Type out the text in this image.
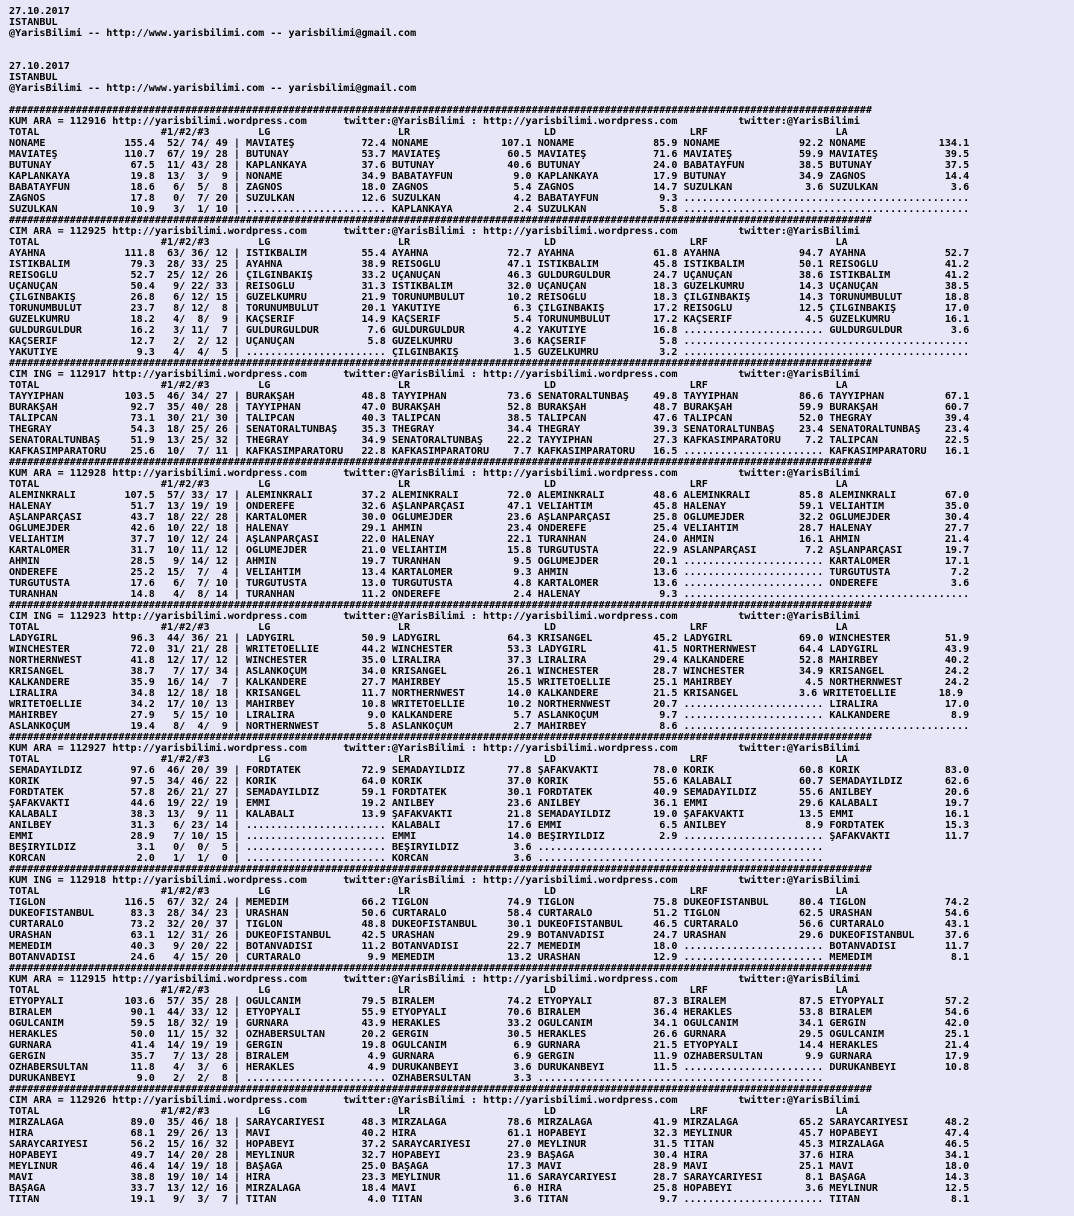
27.10.2017
ISTANBUL
@YarisBilimi -- http://www.yarisbilimi.com -- yarisbilimi@gmail.com
27.10.2017
ISTANBUL
@YarisBilimi -- http://www.yarisbilimi.com -- yarisbilimi@gmail.com
##############################################################################################################################################
KUM ARA = 112916 http://yarisbilimi.wordpress.com      twitter:@YarisBilimi : http://yarisbilimi.wordpress.com          twitter:@YarisBilimi
TOTAL                    #1/#2/#3        LG                     LR                      LD                      LRF                     LA
NONAME             155.4  52/ 74/ 49 | MAVİATEŞ           72.4 NONAME            107.1 NONAME             85.9 NONAME             92.2 NONAME            134.1
MAVİATEŞ           110.7  67/ 19/ 28 | BUTUNAY            53.7 MAVİATEŞ           60.5 MAVİATEŞ           71.6 MAVİATEŞ           59.9 MAVİATEŞ           39.5
BUTUNAY             67.5  11/ 43/ 28 | KAPLANKAYA         37.6 BUTUNAY            40.6 BUTUNAY            24.0 BABATAYFUN         38.5 BUTUNAY            37.5
KAPLANKAYA          19.8  13/  3/  9 | NONAME             34.9 BABATAYFUN          9.0 KAPLANKAYA         17.9 BUTUNAY            34.9 ZAGNOS             14.4
BABATAYFUN          18.6   6/  5/  8 | ZAGNOS             18.0 ZAGNOS              5.4 ZAGNOS             14.7 SUZULKAN            3.6 SUZULKAN            3.6
ZAGNOS              17.8   0/  7/ 20 | SUZULKAN           12.6 SUZULKAN            4.2 BABATAYFUN          9.3 ...............................................
SUZULKAN            10.9   3/  1/ 10 | ....................... KAPLANKAYA          2.4 SUZULKAN            5.8 ...............................................
##############################################################################################################################################
CIM ARA = 112925 http://yarisbilimi.wordpress.com      twitter:@YarisBilimi : http://yarisbilimi.wordpress.com          twitter:@YarisBilimi
TOTAL                    #1/#2/#3        LG                     LR                      LD                      LRF                     LA
AYAHNA             111.8  63/ 36/ 12 | İSTİKBALİM         55.4 AYAHNA             72.7 AYAHNA             61.8 AYAHNA             94.7 AYAHNA             52.7
İSTİKBALİM          79.3  28/ 33/ 25 | AYAHNA             38.9 REİSOGLU           47.1 İSTİKBALİM         45.8 İSTİKBALİM         50.1 REİSOGLU           41.2
REİSOGLU            52.7  25/ 12/ 26 | ÇILGINBAKIŞ        33.2 UÇANUÇAN           46.3 GULDURGULDUR       24.7 UÇANUÇAN           38.6 İSTİKBALİM         41.2
UÇANUÇAN            50.4   9/ 22/ 33 | REİSOGLU           31.3 İSTİKBALİM         32.0 UÇANUÇAN           18.3 GUZELKUMRU         14.3 UÇANUÇAN           38.5
ÇILGINBAKIŞ         26.8   6/ 12/ 15 | GUZELKUMRU         21.9 TORUNUMBULUT       10.2 REİSOGLU           18.3 ÇILGINBAKIŞ        14.3 TORUNUMBULUT       18.8
TORUNUMBULUT        23.7   8/ 12/  8 | TORUNUMBULUT       20.1 YAKUTİYE            6.3 ÇILGINBAKIŞ        17.2 REİSOGLU           12.5 ÇILGINBAKIŞ        17.0
GUZELKUMRU          18.2   4/  8/  9 | KAÇSERİF           14.9 KAÇSERİF            5.4 TORUNUMBULUT       17.2 KAÇSERİF            4.5 GUZELKUMRU         16.1
GULDURGULDUR        16.2   3/ 11/  7 | GULDURGULDUR        7.6 GULDURGULDUR        4.2 YAKUTİYE           16.8 ....................... GULDURGULDUR        3.6
KAÇSERİF            12.7   2/  2/ 12 | UÇANUÇAN            5.8 GUZELKUMRU          3.6 KAÇSERİF            5.8 ...............................................
YAKUTİYE             9.3   4/  4/  5 | ....................... ÇILGINBAKIŞ         1.5 GUZELKUMRU          3.2 ...............................................
##############################################################################################################################################
CIM ING = 112917 http://yarisbilimi.wordpress.com      twitter:@YarisBilimi : http://yarisbilimi.wordpress.com          twitter:@YarisBilimi
TOTAL                    #1/#2/#3        LG                     LR                      LD                      LRF                     LA
TAYYİPHAN          103.5  46/ 34/ 27 | BURAKŞAH           48.8 TAYYİPHAN          73.6 SENATORALTUNBAŞ    49.8 TAYYİPHAN          86.6 TAYYİPHAN          67.1
BURAKŞAH            92.7  35/ 40/ 28 | TAYYİPHAN          47.0 BURAKŞAH           52.8 BURAKŞAH           48.7 BURAKŞAH           59.9 BURAKŞAH           60.7
TALİPCAN            73.1  30/ 21/ 30 | TALİPCAN           40.3 TALİPCAN           38.5 TALİPCAN           47.6 TALİPCAN           52.0 THEGRAY            39.4
THEGRAY             54.3  18/ 25/ 26 | SENATORALTUNBAŞ    35.3 THEGRAY            34.4 THEGRAY            39.3 SENATORALTUNBAŞ    23.4 SENATORALTUNBAŞ    23.4
SENATORALTUNBAŞ     51.9  13/ 25/ 32 | THEGRAY            34.9 SENATORALTUNBAŞ    22.2 TAYYİPHAN          27.3 KAFKASİMPARATORU    7.2 TALİPCAN           22.5
KAFKASİMPARATORU    25.6  10/  7/ 11 | KAFKASİMPARATORU   22.8 KAFKASİMPARATORU    7.7 KAFKASİMPARATORU   16.5 ....................... KAFKASİMPARATORU   16.1
##############################################################################################################################################
KUM ARA = 112928 http://yarisbilimi.wordpress.com      twitter:@YarisBilimi : http://yarisbilimi.wordpress.com          twitter:@YarisBilimi
TOTAL                    #1/#2/#3        LG                     LR                      LD                      LRF                     LA
ALEMİNKRALI        107.5  57/ 33/ 17 | ALEMİNKRALI        37.2 ALEMİNKRALI        72.0 ALEMİNKRALI        48.6 ALEMİNKRALI        85.8 ALEMİNKRALI        67.0
HALENAY             51.7  13/ 19/ 19 | ONDEREFE           32.6 AŞLANPARÇASI       47.1 VELİAHTIM          45.8 HALENAY            59.1 VELİAHTIM          35.0
AŞLANPARÇASI        43.7  18/ 22/ 28 | KARTALOMER         30.0 OGLUMEJDER         23.6 AŞLANPARÇASI       25.8 OGLUMEJDER         32.2 OGLUMEJDER         30.4
OGLUMEJDER          42.6  10/ 22/ 18 | HALENAY            29.1 AHMİN              23.4 ONDEREFE           25.4 VELİAHTIM          28.7 HALENAY            27.7
VELİAHTIM           37.7  10/ 12/ 24 | AŞLANPARÇASI       22.0 HALENAY            22.1 TURANHAN           24.0 AHMİN              16.1 AHMİN              21.4
KARTALOMER          31.7  10/ 11/ 12 | OGLUMEJDER         21.0 VELİAHTIM          15.8 TURGUTUSTA         22.9 ASLANPARÇASI        7.2 AŞLANPARÇASI       19.7
AHMİN               28.5   9/ 14/ 12 | AHMİN              19.7 TURANHAN            9.5 OGLUMEJDER         20.1 ....................... KARTALOMER         17.1
ONDEREFE            25.2  15/  7/  4 | VELİAHTIM          13.4 KARTALOMER          9.3 AHMİN              13.6 ....................... TURGUTUSTA          7.2
TURGUTUSTA          17.6   6/  7/ 10 | TURGUTUSTA         13.0 TURGUTUSTA          4.8 KARTALOMER         13.6 ....................... ONDEREFE            3.6
TURANHAN            14.8   4/  8/ 14 | TURANHAN           11.2 ONDEREFE            2.4 HALENAY             9.3 ...............................................
##############################################################################################################################################
CIM ING = 112923 http://yarisbilimi.wordpress.com      twitter:@YarisBilimi : http://yarisbilimi.wordpress.com          twitter:@YarisBilimi
TOTAL                    #1/#2/#3        LG                     LR                      LD                      LRF                     LA
LADYGIRL            96.3  44/ 36/ 21 | LADYGIRL           50.9 LADYGIRL           64.3 KRISANGEL          45.2 LADYGIRL           69.0 WINCHESTER         51.9
WINCHESTER          72.0  31/ 21/ 28 | WRITETOELLIE       44.2 WINCHESTER         53.3 LADYGIRL           41.5 NORTHERNWEST       64.4 LADYGIRL           43.9
NORTHERNWEST        41.8  12/ 17/ 12 | WINCHESTER         35.0 LIRALIRA           37.3 LIRALIRA           29.4 KALKANDERE         52.8 MAHİRBEY           40.2
KRISANGEL           38.7   7/ 17/ 34 | ASLANKOÇUM         34.0 KRISANGEL          26.1 WINCHESTER         28.7 WINCHESTER         34.9 KRISANGEL          24.2
KALKANDERE          35.9  16/ 14/  7 | KALKANDERE         27.7 MAHİRBEY           15.5 WRITETOELLIE       25.1 MAHİRBEY            4.5 NORTHERNWEST       24.2
LIRALIRA            34.8  12/ 18/ 18 | KRISANGEL          11.7 NORTHERNWEST       14.0 KALKANDERE         21.5 KRISANGEL          3.6 WRITETOELLIE       18.9
WRITETOELLIE        34.2  17/ 10/ 13 | MAHİRBEY           10.8 WRITETOELLIE       10.2 NORTHERNWEST       20.7 ....................... LIRALIRA           17.0
MAHİRBEY            27.9   5/ 15/ 10 | LIRALIRA            9.0 KALKANDERE          5.7 ASLANKOÇUM          9.7 ....................... KALKANDERE          8.9
ASLANKOÇUM          19.4   8/  4/  9 | NORTHERNWEST        5.8 ASLANKOÇUM          2.7 MAHİRBEY            8.6 ...............................................
##############################################################################################################################################
KUM ARA = 112927 http://yarisbilimi.wordpress.com      twitter:@YarisBilimi : http://yarisbilimi.wordpress.com          twitter:@YarisBilimi
TOTAL                    #1/#2/#3        LG                     LR                      LD                      LRF                     LA
SEMADAYILDIZ        97.6  46/ 20/ 39 | FORDTATEK          72.9 SEMADAYILDIZ       77.8 ŞAFAKVAKTİ         78.0 KORİK              60.8 KORİK              83.0
KORİK               97.5  34/ 46/ 22 | KORİK              64.0 KORİK              37.0 KORİK              55.6 KALABALI           60.7 SEMADAYILDIZ       62.6
FORDTATEK           57.8  26/ 21/ 27 | SEMADAYILDIZ       59.1 FORDTATEK          30.1 FORDTATEK          40.9 SEMADAYILDIZ       55.6 ANILBEY            20.6
ŞAFAKVAKTİ          44.6  19/ 22/ 19 | EMMİ               19.2 ANILBEY            23.6 ANILBEY            36.1 EMMİ               29.6 KALABALI           19.7
KALABALI            38.3  13/  9/ 11 | KALABALI           13.9 ŞAFAKVAKTİ         21.8 SEMADAYILDIZ       19.0 ŞAFAKVAKTİ         13.5 EMMİ               16.1
ANILBEY             31.3   6/ 23/ 14 | ....................... KALABALI           17.6 EMMİ                6.5 ANILBEY             8.9 FORDTATEK          15.3
EMMİ                28.9   7/ 10/ 15 | ....................... EMMİ               14.0 BEŞİRYILDIZ         2.9 ....................... ŞAFAKVAKTİ         11.7
BEŞİRYILDIZ          3.1   0/  0/  5 | ....................... BEŞİRYILDIZ         3.6 ...............................................
KORCAN               2.0   1/  1/  0 | ....................... KORCAN              3.6 ...............................................
##############################################################################################################################################
KUM ING = 112918 http://yarisbilimi.wordpress.com      twitter:@YarisBilimi : http://yarisbilimi.wordpress.com          twitter:@YarisBilimi
TOTAL                    #1/#2/#3        LG                     LR                      LD                      LRF                     LA
TIGLON             116.5  67/ 32/ 24 | MEMEDİM            66.2 TIGLON             74.9 TIGLON             75.8 DUKEOFISTANBUL     80.4 TIGLON             74.2
DUKEOFISTANBUL      83.3  28/ 34/ 23 | URASHAN            50.6 CURTARALO          58.4 CURTARALO          51.2 TIGLON             62.5 URASHAN            54.6
CURTARALO           73.2  32/ 20/ 37 | TIGLON             48.8 DUKEOFISTANBUL     30.1 DUKEOFISTANBUL     46.5 CURTARALO          56.6 CURTARALO          43.1
URASHAN             63.1  12/ 31/ 26 | DUKEOFISTANBUL     42.5 URASHAN            29.9 BOTANVADİSİ        24.7 URASHAN            29.6 DUKEOFISTANBUL     37.6
MEMEDİM             40.3   9/ 20/ 22 | BOTANVADİSİ        11.2 BOTANVADİSİ        22.7 MEMEDİM            18.0 ....................... BOTANVADİSİ        11.7
BOTANVADİSİ         24.6   4/ 15/ 20 | CURTARALO           9.9 MEMEDİM            13.2 URASHAN            12.9 ....................... MEMEDİM             8.1
##############################################################################################################################################
KUM ARA = 112915 http://yarisbilimi.wordpress.com      twitter:@YarisBilimi : http://yarisbilimi.wordpress.com          twitter:@YarisBilimi
TOTAL                    #1/#2/#3        LG                     LR                      LD                      LRF                     LA
ETYOPYALI          103.6  57/ 35/ 28 | OGULCANIM          79.5 BİRALEM            74.2 ETYOPYALI          87.3 BİRALEM            87.5 ETYOPYALI          57.2
BİRALEM             90.1  44/ 33/ 12 | ETYOPYALI          55.9 ETYOPYALI          70.6 BİRALEM            36.4 HERAKLES           53.8 BİRALEM            54.6
OGULCANIM           59.5  18/ 32/ 19 | GURNARA            43.9 HERAKLES           33.2 OGULCANIM          34.1 OGULCANIM          34.1 GERGİN             42.0
HERAKLES            50.0  11/ 15/ 32 | OZHABERSULTAN      20.2 GERGİN             30.5 HERAKLES           26.6 GURNARA            29.5 OGULCANIM          25.1
GURNARA             41.4  14/ 19/ 19 | GERGİN             19.8 OGULCANIM           6.9 GURNARA            21.5 ETYOPYALI          14.4 HERAKLES           21.4
GERGİN              35.7   7/ 13/ 28 | BİRALEM             4.9 GURNARA             6.9 GERGİN             11.9 OZHABERSULTAN       9.9 GURNARA            17.9
OZHABERSULTAN       11.8   4/  3/  6 | HERAKLES            4.9 DURUKANBEYİ         3.6 DURUKANBEYİ        11.5 ....................... DURUKANBEYİ        10.8
DURUKANBEYİ          9.0   2/  2/  8 | ....................... OZHABERSULTAN       3.3 ...............................................
##############################################################################################################################################
CIM ARA = 112926 http://yarisbilimi.wordpress.com      twitter:@YarisBilimi : http://yarisbilimi.wordpress.com          twitter:@YarisBilimi
TOTAL                    #1/#2/#3        LG                     LR                      LD                      LRF                     LA
MİRZALAĞA           89.0  35/ 46/ 18 | SARAYCARİYESİ      48.3 MİRZALAĞA          78.6 MİRZALAĞA          41.9 MİRZALAĞA          65.2 SARAYCARİYESİ      48.2
HIRA                68.1  29/ 26/ 13 | MAVİ               40.2 HIRA               61.1 HOPABEYİ           32.3 MEYLİNUR           45.7 HOPABEYİ           47.4
SARAYCARİYESİ       56.2  15/ 16/ 32 | HOPABEYİ           37.2 SARAYCARİYESİ      27.0 MEYLİNUR           31.5 TİTAN              45.3 MİRZALAĞA          46.5
HOPABEYİ            49.7  14/ 20/ 28 | MEYLİNUR           32.7 HOPABEYİ           23.9 BAŞAĞA             30.4 HIRA               37.6 HIRA               34.1
MEYLİNUR            46.4  14/ 19/ 18 | BAŞAĞA             25.0 BAŞAĞA             17.3 MAVİ               28.9 MAVİ               25.1 MAVİ               18.0
MAVİ                38.8  19/ 10/ 14 | HIRA               23.3 MEYLİNUR           11.6 SARAYCARİYESİ      28.7 SARAYCARİYESİ       8.1 BAŞAĞA             14.3
BAŞAĞA              33.7  13/ 12/ 16 | MİRZALAĞA          18.4 MAVİ                6.0 HIRA               25.8 HOPABEYİ            3.6 MEYLİNUR           12.5
TİTAN               19.1   9/  3/  7 | TİTAN               4.0 TİTAN               3.6 TİTAN               9.7 ....................... TİTAN               8.1
